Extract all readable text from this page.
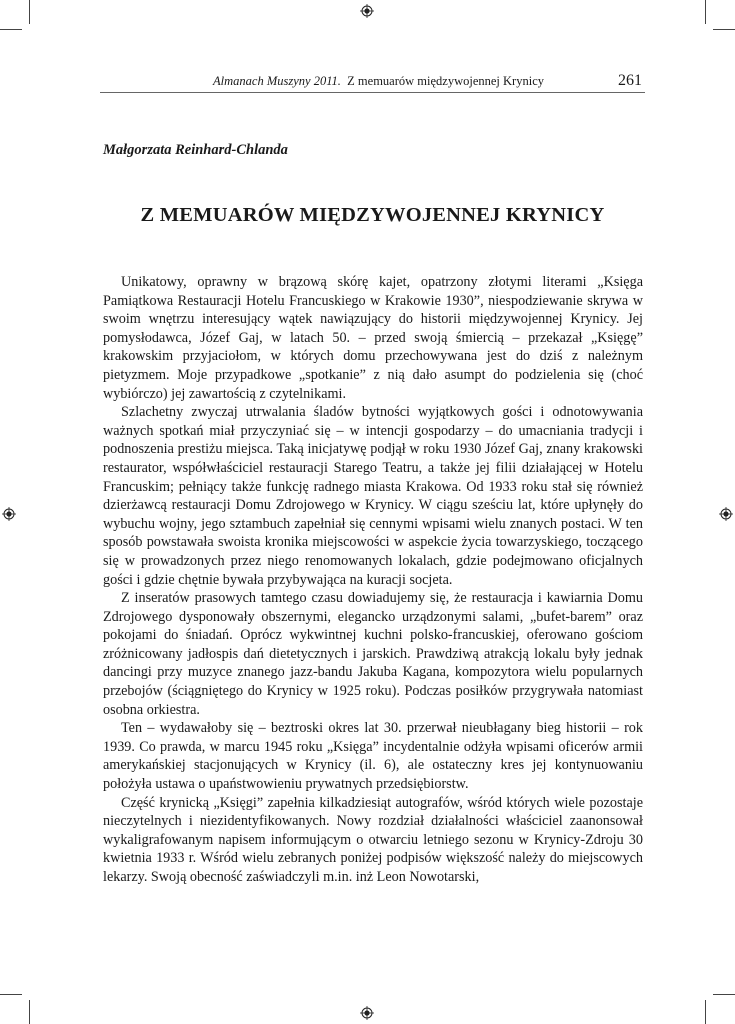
Almanach Muszyny 2011. Z memuarów międzywojennej Krynicy	261
Małgorzata Reinhard-Chlanda
Z MEMUARÓW MIĘDZYWOJENNEJ KRYNICY

Unikatowy, oprawny w brązową skórę kajet, opatrzony złotymi literami „Księga Pamiątkowa Restauracji Hotelu Francuskiego w Krakowie 1930”, niespodziewanie skrywa w swoim wnętrzu interesujący wątek nawiązujący do historii międzywojennej Krynicy. Jej pomysłodawca, Józef Gaj, w latach 50. – przed swoją śmiercią – przekazał „Księgę” krakowskim przyjaciołom, w których domu przechowywana jest do dziś z należnym pietyzmem. Moje przypadkowe „spotkanie” z nią dało asumpt do podzielenia się (choć wybiórczo) jej zawartością z czytelnikami.

Szlachetny zwyczaj utrwalania śladów bytności wyjątkowych gości i odnotowywania ważnych spotkań miał przyczyniać się – w intencji gospodarzy – do umacniania tradycji i podnoszenia prestiżu miejsca. Taką inicjatywę podjął w roku 1930 Józef Gaj, znany krakowski restaurator, współwłaściciel restauracji Starego Teatru, a także jej filii działającej w Hotelu Francuskim; pełniący także funkcję radnego miasta Krakowa. Od 1933 roku stał się również dzierżawcą restauracji Domu Zdrojowego w Krynicy. W ciągu sześciu lat, które upłynęły do wybuchu wojny, jego sztambuch zapełniał się cennymi wpisami wielu znanych postaci. W ten sposób powstawała swoista kronika miejscowości w aspekcie życia towarzyskiego, toczącego się w prowadzonych przez niego renomowanych lokalach, gdzie podejmowano oficjalnych gości i gdzie chętnie bywała przybywająca na kuracji socjeta.

Z inseratów prasowych tamtego czasu dowiadujemy się, że restauracja i kawiarnia Domu Zdrojowego dysponowały obszernymi, elegancko urządzonymi salami, „bufet-barem” oraz pokojami do śniadań. Oprócz wykwintnej kuchni polsko-francuskiej, oferowano gościom zróżnicowany jadłospis dań dietetycznych i jarskich. Prawdziwą atrakcją lokalu były jednak dancingi przy muzyce znanego jazz-bandu Jakuba Kagana, kompozytora wielu popularnych przebojów (ściągniętego do Krynicy w 1925 roku). Podczas posiłków przygrywała natomiast osobna orkiestra.

Ten – wydawałoby się – beztroski okres lat 30. przerwał nieubłagany bieg historii – rok 1939. Co prawda, w marcu 1945 roku „Księga” incydentalnie odżyła wpisami oficerów armii amerykańskiej stacjonujących w Krynicy (il. 6), ale ostateczny kres jej kontynuowaniu położyła ustawa o upaństwowieniu prywatnych przedsiębiorstw.

Część krynicką „Księgi” zapełnia kilkadziesiąt autografów, wśród których wiele pozostaje nieczytelnych i niezidentyfikowanych. Nowy rozdział działalności właściciel zaanonsował wykaligrafowanym napisem informującym o otwarciu letniego sezonu w Krynicy-Zdroju 30 kwietnia 1933 r. Wśród wielu zebranych poniżej podpisów większość należy do miejscowych lekarzy. Swoją obecność zaświadczyli m.in. inż Leon Nowotarski,
